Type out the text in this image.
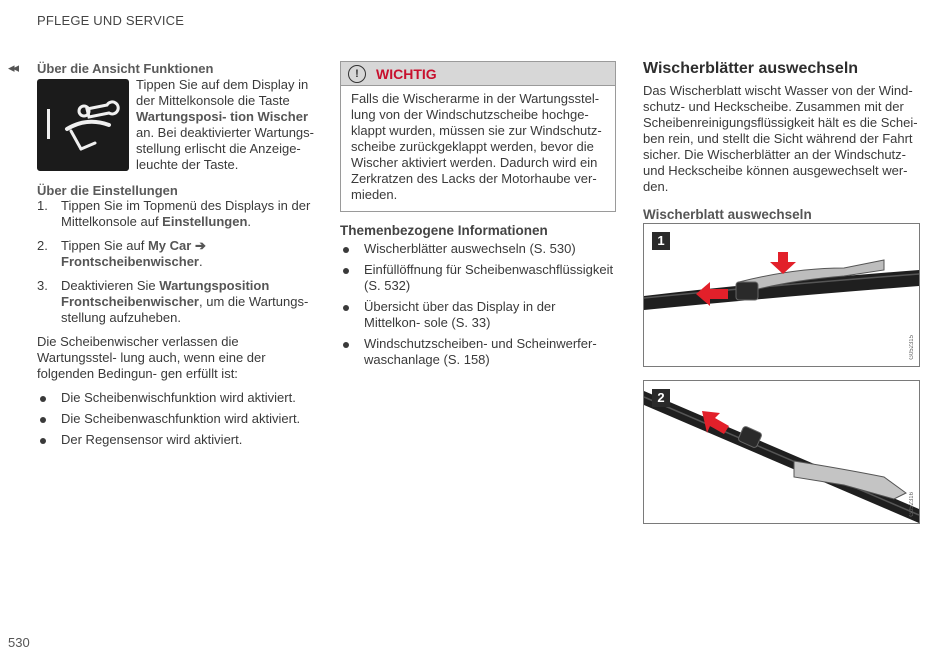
PFLEGE UND SERVICE
◂◂ Über die Ansicht Funktionen
Tippen Sie auf dem Display in der Mittelkonsole die Taste Wartungsposi- tion Wischer an. Bei deaktivierter Wartungs- stellung erlischt die Anzeige- leuchte der Taste.
Über die Einstellungen
1. Tippen Sie im Topmenü des Displays in der Mittelkonsole auf Einstellungen.
2. Tippen Sie auf My Car ➔
Frontscheibenwischer.
3. Deaktivieren Sie Wartungsposition Frontscheibenwischer, um die Wartungs- stellung aufzuheben.
Die Scheibenwischer verlassen die Wartungsstel- lung auch, wenn eine der folgenden Bedingun- gen erfüllt ist:
Die Scheibenwischfunktion wird aktiviert.
Die Scheibenwaschfunktion wird aktiviert.
Der Regensensor wird aktiviert.
!	WICHTIG
Falls die Wischerarme in der Wartungsstel- lung von der Windschutzscheibe hochge- klappt wurden, müssen sie zur Windschutz- scheibe zurückgeklappt werden, bevor die Wischer aktiviert werden. Dadurch wird ein Zerkratzen des Lacks der Motorhaube ver- mieden.
Themenbezogene Informationen
Wischerblätter auswechseln (S. 530)
Einfüllöffnung für Scheibenwaschflüssigkeit (S. 532)
Übersicht über das Display in der Mittelkon- sole (S. 33)
Windschutzscheiben- und Scheinwerfer- waschanlage (S. 158)
Wischerblätter auswechseln
Das Wischerblatt wischt Wasser von der Wind- schutz- und Heckscheibe. Zusammen mit der Scheibenreinigungsflüssigkeit hält es die Schei- ben rein, und stellt die Sicht während der Fahrt sicher. Die Wischerblätter an der Windschutz- und Heckscheibe können ausgewechselt wer- den.
Wischerblatt auswechseln
1
G052315
2
G052316
530
